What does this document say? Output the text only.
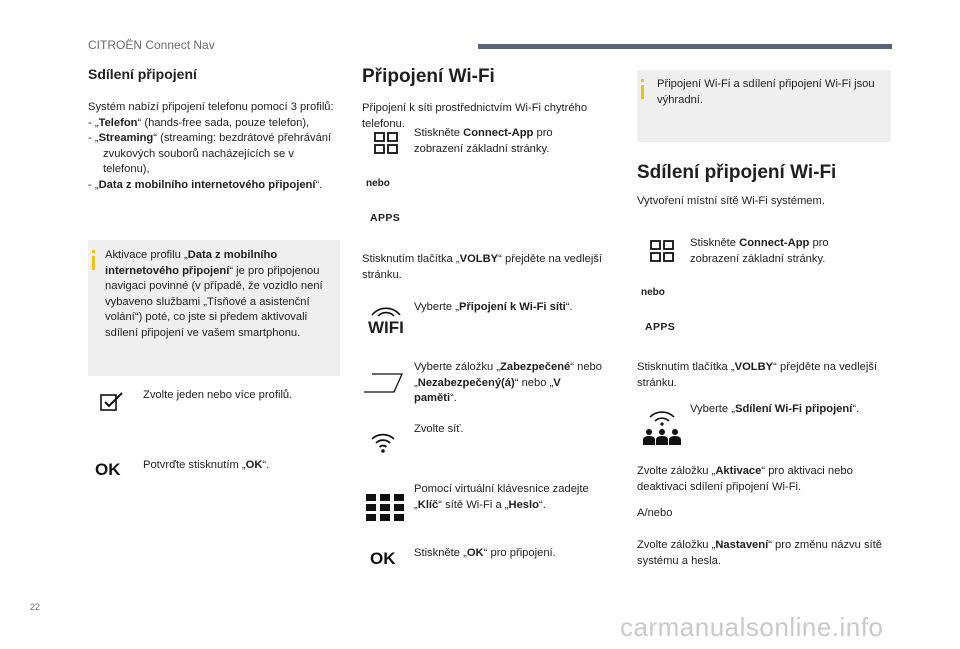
CITROËN Connect Nav
Sdílení připojení
Systém nabízí připojení telefonu pomocí 3 profilů:
- „Telefon“ (hands-free sada, pouze telefon),
- „Streaming“ (streaming: bezdrátové přehrávání zvukových souborů nacházejících se v telefonu),
- „Data z mobilního internetového připojení“.
Aktivace profilu „Data z mobilního internetového připojení“ je pro připojenou navigaci povinné (v případě, že vozidlo není vybaveno službami „Tísňové a asistenční volání“) poté, co jste si předem aktivovali sdílení připojení ve vašem smartphonu.
Zvolte jeden nebo více profilů.
OK Potvrďte stisknutím „OK“.
Připojení Wi-Fi
Připojení k síti prostřednictvím Wi-Fi chytrého telefonu.
Stiskněte Connect-App pro zobrazení základní stránky.
nebo
APPS
Stisknutím tlačítka „VOLBY“ přejděte na vedlejší stránku.
WIFI
Vyberte „Připojení k Wi-Fi síti“.
Vyberte záložku „Zabezpečené“ nebo „Nezabezpečený(á)“ nebo „V paměti“.
Zvolte síť.
Pomocí virtuální klávesnice zadejte „Klíč“ sítě Wi-Fi a „Heslo“.
OK Stiskněte „OK“ pro připojení.
Připojení Wi-Fi a sdílení připojení Wi-Fi jsou výhradní.
Sdílení připojení Wi-Fi
Vytvoření místní sítě Wi-Fi systémem.
Stiskněte Connect-App pro zobrazení základní stránky.
nebo
APPS
Stisknutím tlačítka „VOLBY“ přejděte na vedlejší stránku.
Vyberte „Sdílení Wi-Fi připojení“.
Zvolte záložku „Aktivace“ pro aktivaci nebo deaktivaci sdílení připojení Wi-Fi.
A/nebo
Zvolte záložku „Nastavení“ pro změnu názvu sítě systému a hesla.
22
carmanualsonline.info
